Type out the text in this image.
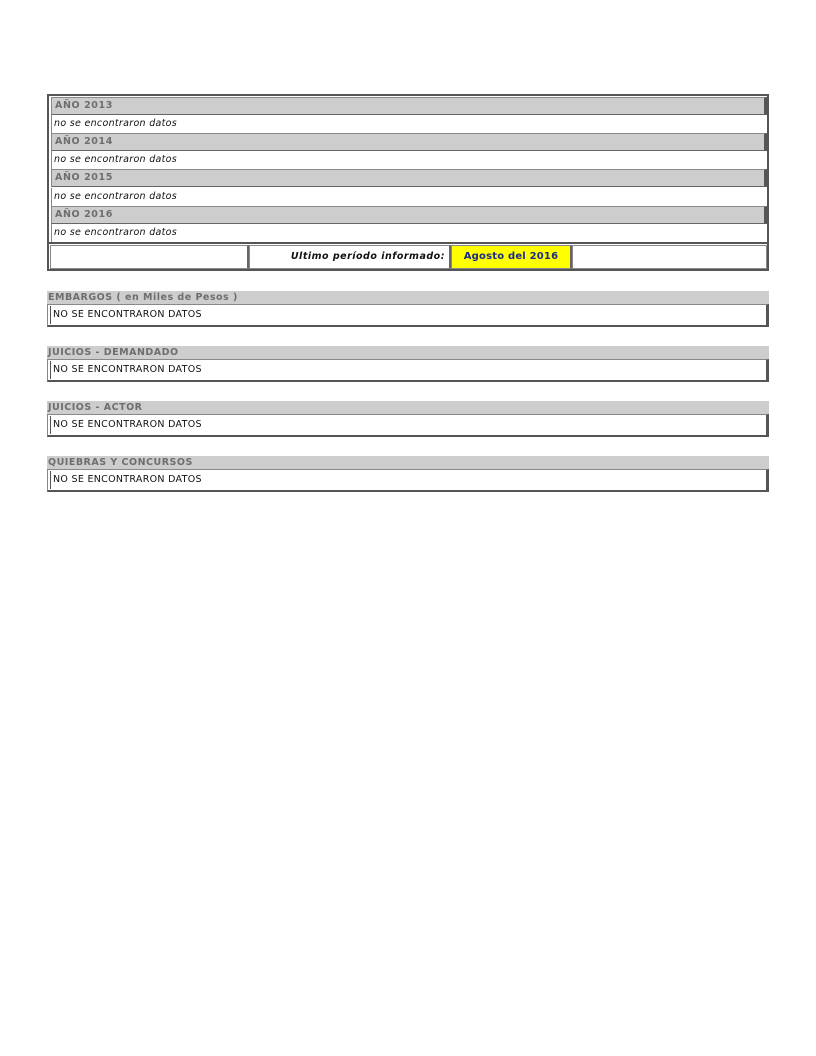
AÑO 2013
no se encontraron datos
AÑO 2014
no se encontraron datos
AÑO 2015
no se encontraron datos
AÑO 2016
no se encontraron datos
Ultimo período informado:	Agosto del 2016
EMBARGOS ( en Miles de Pesos )
NO SE ENCONTRARON DATOS
JUICIOS - DEMANDADO
NO SE ENCONTRARON DATOS
JUICIOS - ACTOR
NO SE ENCONTRARON DATOS
QUIEBRAS Y CONCURSOS
NO SE ENCONTRARON DATOS
